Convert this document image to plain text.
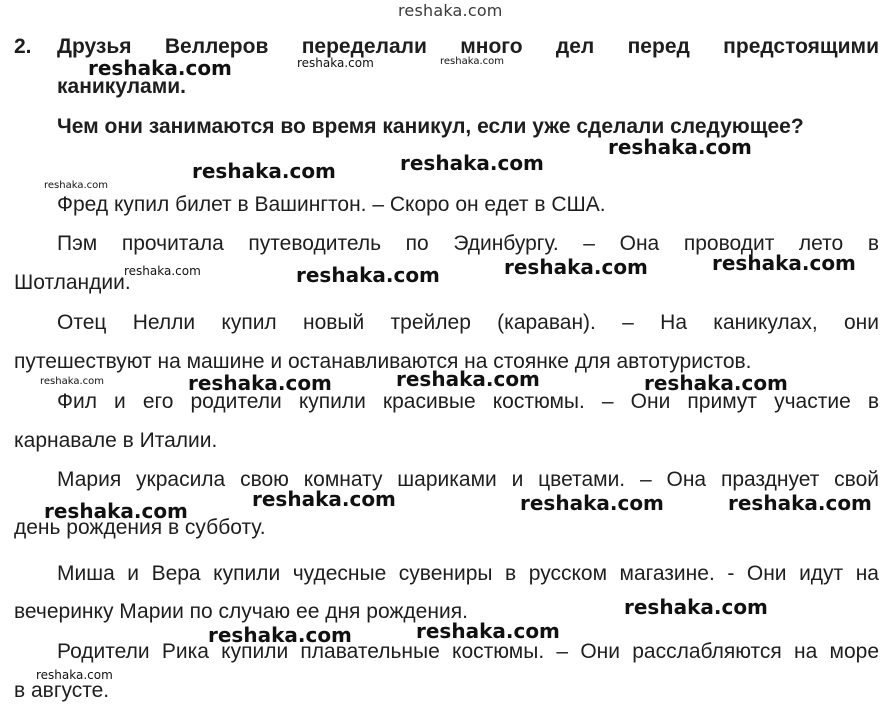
reshaka.com
2. Друзья Веллеров переделали много дел перед предстоящими
каникулами.
Чем они занимаются во время каникул, если уже сделали следующее?
Фред купил билет в Вашингтон. – Скоро он едет в США.
Пэм прочитала путеводитель по Эдинбургу. – Она проводит лето в
Шотландии.
Отец Нелли купил новый трейлер (караван). – На каникулах, они
путешествуют на машине и останавливаются на стоянке для автотуристов.
Фил и его родители купили красивые костюмы. – Они примут участие в
карнавале в Италии.
Мария украсила свою комнату шариками и цветами. – Она празднует свой
день рождения в субботу.
Миша и Вера купили чудесные сувениры в русском магазине. - Они идут на
вечеринку Марии по случаю ее дня рождения.
Родители Рика купили плавательные костюмы. – Они расслабляются на море
в августе.
reshaka.com	reshaka.com	reshaka.com
reshaka.com	reshaka.com
reshaka.com
reshaka.com
reshaka.com	reshaka.com	reshaka.com	reshaka.com
reshaka.com	reshaka.com	reshaka.com	reshaka.com
reshaka.com
reshaka.com	reshaka.com	reshaka.com
reshaka.com
reshaka.com	reshaka.com
reshaka.com
